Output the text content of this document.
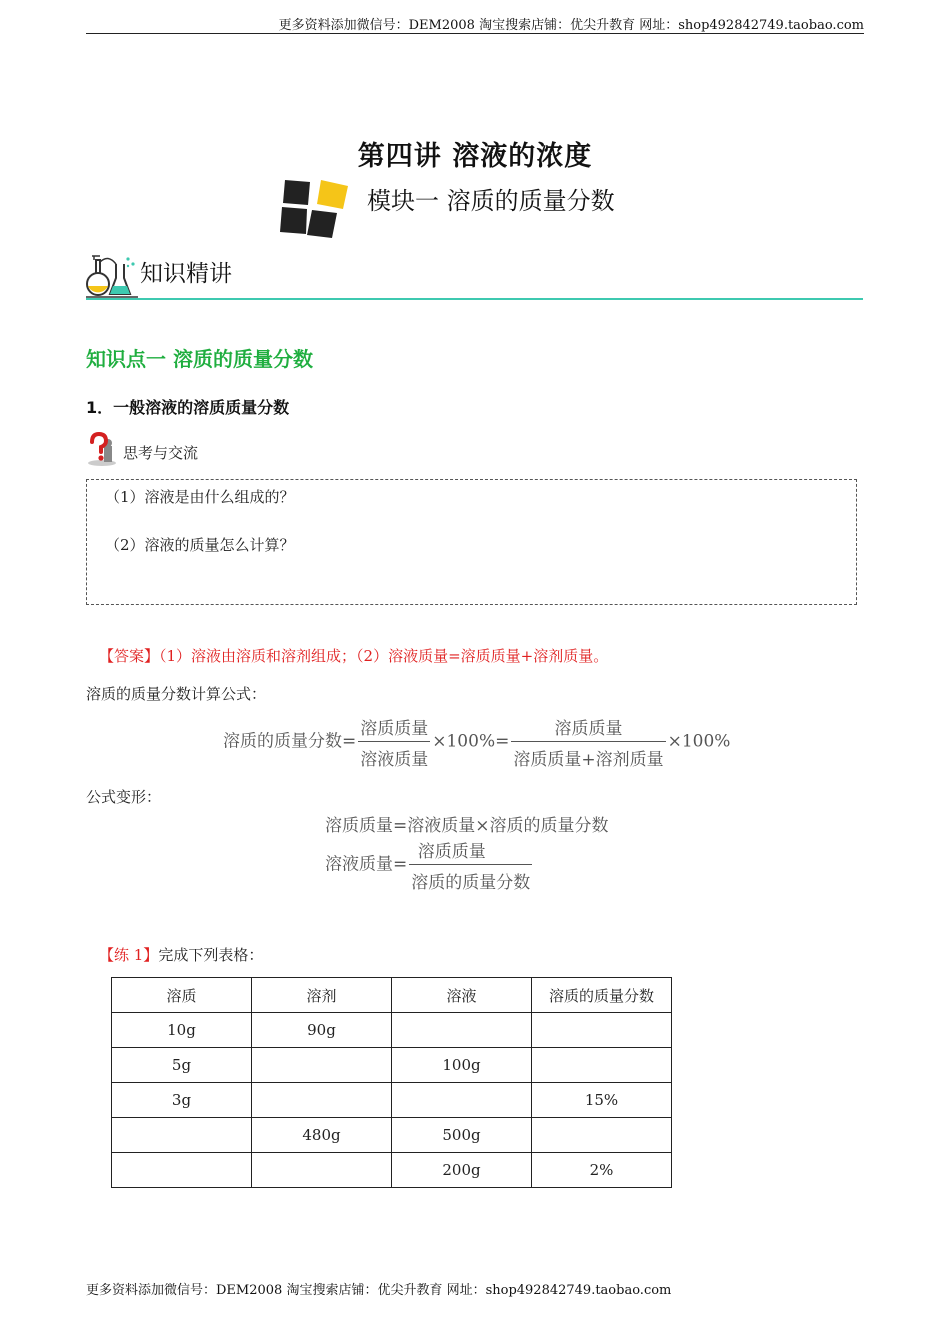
更多资料添加微信号：DEM2008 淘宝搜索店铺：优尖升教育 网址：shop492842749.taobao.com
第四讲 溶液的浓度
模块一 溶质的质量分数
知识精讲
知识点一 溶质的质量分数
1．一般溶液的溶质质量分数
思考与交流
（1）溶液是由什么组成的？
（2）溶液的质量怎么计算？
【答案】（1）溶液由溶质和溶剂组成；（2）溶液质量=溶质质量+溶剂质量。
溶质的质量分数计算公式：
溶质的质量分数= $\frac{\text{溶质质量}}{\text{溶液质量}} \times 100\%= \frac{\text{溶质质量}}{\text{溶质质量+溶剂质量}} \times 100\%$
公式变形：
溶质质量=溶液质量×溶质的质量分数
溶液质量= $\frac{\text{溶质质量}}{\text{溶质的质量分数}}$
【练 1】完成下列表格：
溶质	溶剂	溶液	溶质的质量分数
10g	90g		
5g		100g	
3g			15%
	480g	500g	
		200g	2%
更多资料添加微信号：DEM2008 淘宝搜索店铺：优尖升教育 网址：shop492842749.taobao.com
